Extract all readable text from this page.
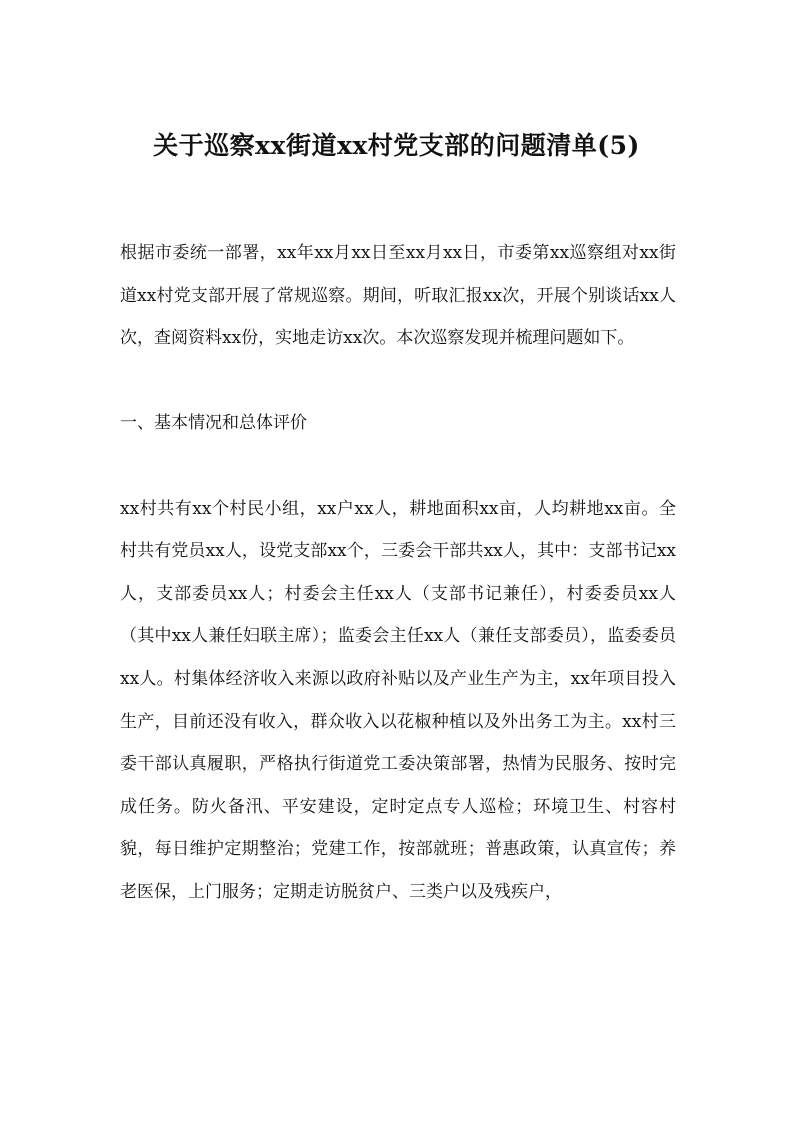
关于巡察xx街道xx村党支部的问题清单(5)

根据市委统一部署，xx年xx月xx日至xx月xx日，市委第xx巡察组对xx街道xx村党支部开展了常规巡察。期间，听取汇报xx次，开展个别谈话xx人次，查阅资料xx份，实地走访xx次。本次巡察发现并梳理问题如下。

一、基本情况和总体评价

xx村共有xx个村民小组，xx户xx人，耕地面积xx亩，人均耕地xx亩。全村共有党员xx人，设党支部xx个，三委会干部共xx人，其中：支部书记xx人，支部委员xx人；村委会主任xx人（支部书记兼任），村委委员xx人（其中xx人兼任妇联主席）；监委会主任xx人（兼任支部委员），监委委员xx人。村集体经济收入来源以政府补贴以及产业生产为主，xx年项目投入生产，目前还没有收入，群众收入以花椒种植以及外出务工为主。xx村三委干部认真履职，严格执行街道党工委决策部署，热情为民服务、按时完成任务。防火备汛、平安建设，定时定点专人巡检；环境卫生、村容村貌，每日维护定期整治；党建工作，按部就班；普惠政策，认真宣传；养老医保，上门服务；定期走访脱贫户、三类户以及残疾户，
